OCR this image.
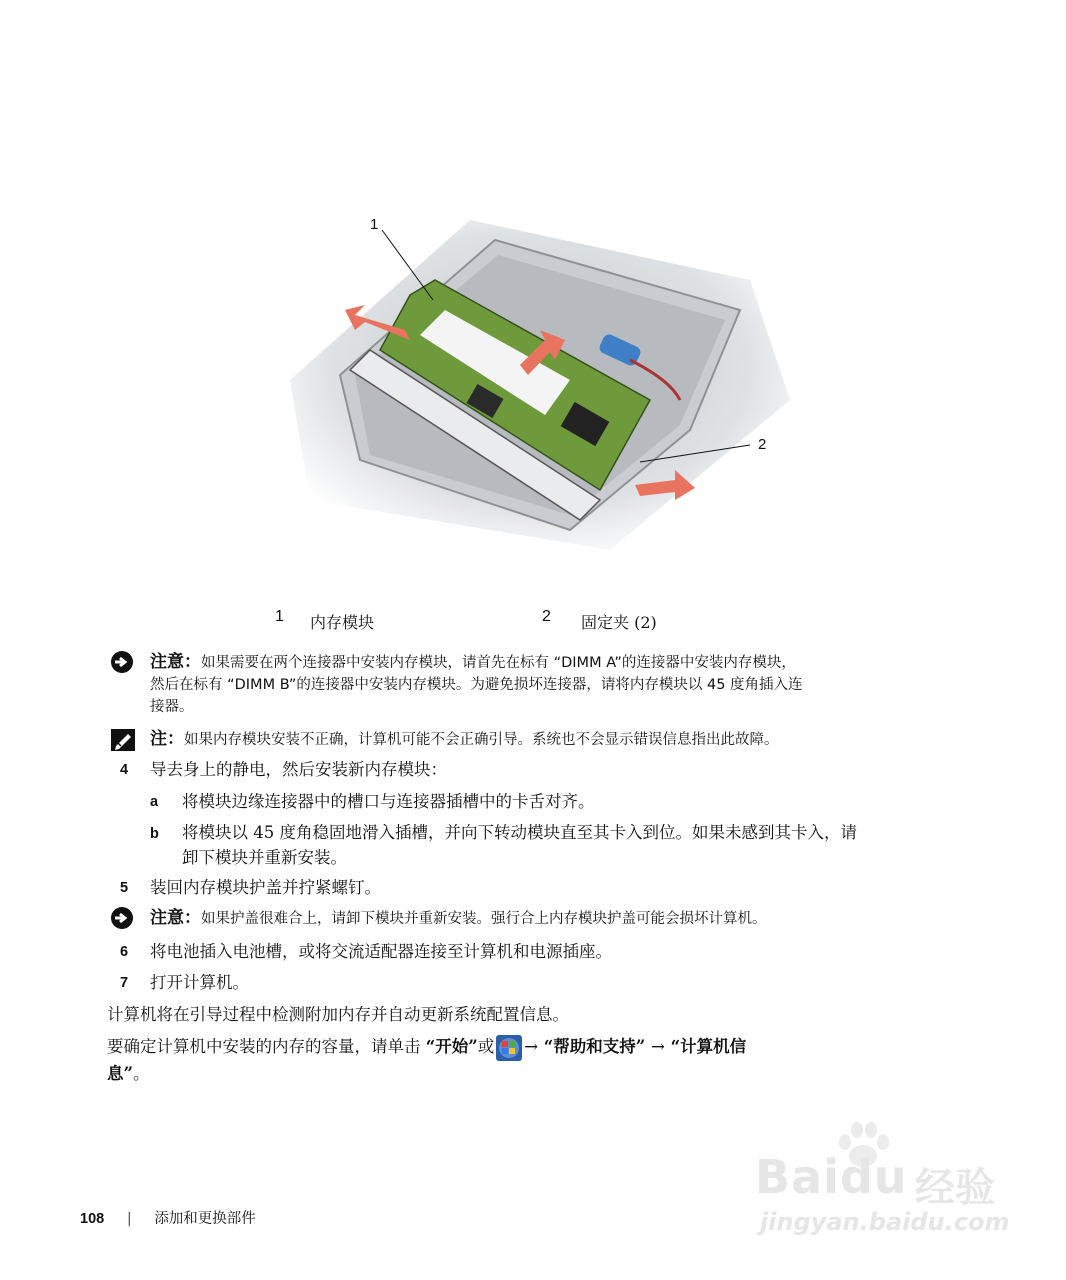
1
2
1 内存模块	2 固定夹 (2)
注意：如果需要在两个连接器中安装内存模块，请首先在标有 “DIMM A”的连接器中安装内存模块，
然后在标有 “DIMM B”的连接器中安装内存模块。为避免损坏连接器，请将内存模块以 45 度角插入连
接器。
注：如果内存模块安装不正确，计算机可能不会正确引导。系统也不会显示错误信息指出此故障。
4 导去身上的静电，然后安装新内存模块：
a 将模块边缘连接器中的槽口与连接器插槽中的卡舌对齐。
b 将模块以 45 度角稳固地滑入插槽，并向下转动模块直至其卡入到位。如果未感到其卡入，请
卸下模块并重新安装。
5 装回内存模块护盖并拧紧螺钉。
注意：如果护盖很难合上，请卸下模块并重新安装。强行合上内存模块护盖可能会损坏计算机。
6 将电池插入电池槽，或将交流适配器连接至计算机和电源插座。
7 打开计算机。
计算机将在引导过程中检测附加内存并自动更新系统配置信息。
要确定计算机中安装的内存的容量，请单击 “开始”或 → “帮助和支持” → “计算机信
息”。
108 | 添加和更换部件
Baidu 经验
jingyan.baidu.com
